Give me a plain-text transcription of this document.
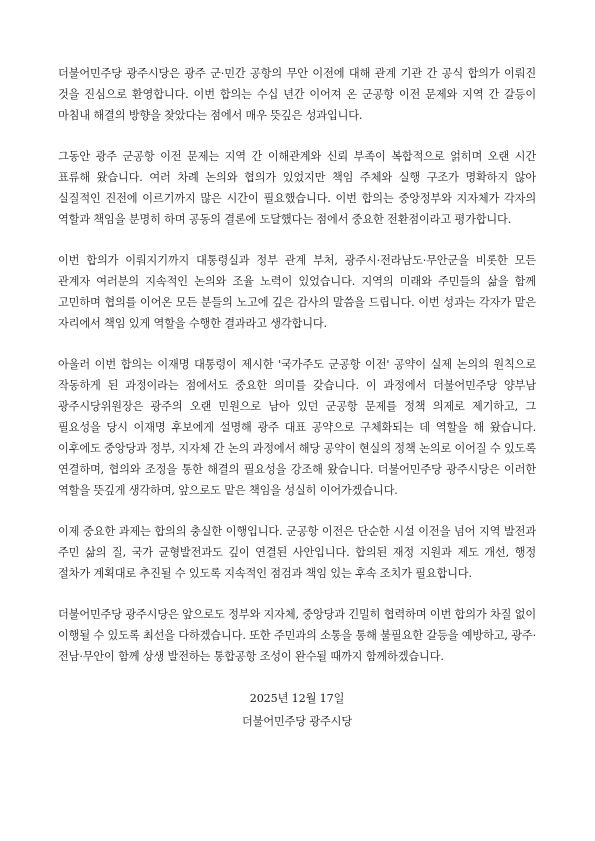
더불어민주당 광주시당은 광주 군·민간 공항의 무안 이전에 대해 관계 기관 간 공식 합의가 이뤄진 것을 진심으로 환영합니다. 이번 합의는 수십 년간 이어져 온 군공항 이전 문제와 지역 간 갈등이 마침내 해결의 방향을 찾았다는 점에서 매우 뜻깊은 성과입니다.

그동안 광주 군공항 이전 문제는 지역 간 이해관계와 신뢰 부족이 복합적으로 얽히며 오랜 시간 표류해 왔습니다. 여러 차례 논의와 협의가 있었지만 책임 주체와 실행 구조가 명확하지 않아 실질적인 진전에 이르기까지 많은 시간이 필요했습니다. 이번 합의는 중앙정부와 지자체가 각자의 역할과 책임을 분명히 하며 공동의 결론에 도달했다는 점에서 중요한 전환점이라고 평가합니다.

이번 합의가 이뤄지기까지 대통령실과 정부 관계 부처, 광주시·전라남도·무안군을 비롯한 모든 관계자 여러분의 지속적인 논의와 조율 노력이 있었습니다. 지역의 미래와 주민들의 삶을 함께 고민하며 협의를 이어온 모든 분들의 노고에 깊은 감사의 말씀을 드립니다. 이번 성과는 각자가 맡은 자리에서 책임 있게 역할을 수행한 결과라고 생각합니다.

아울러 이번 합의는 이재명 대통령이 제시한 '국가주도 군공항 이전' 공약이 실제 논의의 원칙으로 작동하게 된 과정이라는 점에서도 중요한 의미를 갖습니다. 이 과정에서 더불어민주당 양부남 광주시당위원장은 광주의 오랜 민원으로 남아 있던 군공항 문제를 정책 의제로 제기하고, 그 필요성을 당시 이재명 후보에게 설명해 광주 대표 공약으로 구체화되는 데 역할을 해 왔습니다. 이후에도 중앙당과 정부, 지자체 간 논의 과정에서 해당 공약이 현실의 정책 논의로 이어질 수 있도록 연결하며, 협의와 조정을 통한 해결의 필요성을 강조해 왔습니다. 더불어민주당 광주시당은 이러한 역할을 뜻깊게 생각하며, 앞으로도 맡은 책임을 성실히 이어가겠습니다.

이제 중요한 과제는 합의의 충실한 이행입니다. 군공항 이전은 단순한 시설 이전을 넘어 지역 발전과 주민 삶의 질, 국가 균형발전과도 깊이 연결된 사안입니다. 합의된 재정 지원과 제도 개선, 행정 절차가 계획대로 추진될 수 있도록 지속적인 점검과 책임 있는 후속 조치가 필요합니다.

더불어민주당 광주시당은 앞으로도 정부와 지자체, 중앙당과 긴밀히 협력하며 이번 합의가 차질 없이 이행될 수 있도록 최선을 다하겠습니다. 또한 주민과의 소통을 통해 불필요한 갈등을 예방하고, 광주·전남·무안이 함께 상생 발전하는 통합공항 조성이 완수될 때까지 함께하겠습니다.

2025년 12월 17일
더불어민주당 광주시당
